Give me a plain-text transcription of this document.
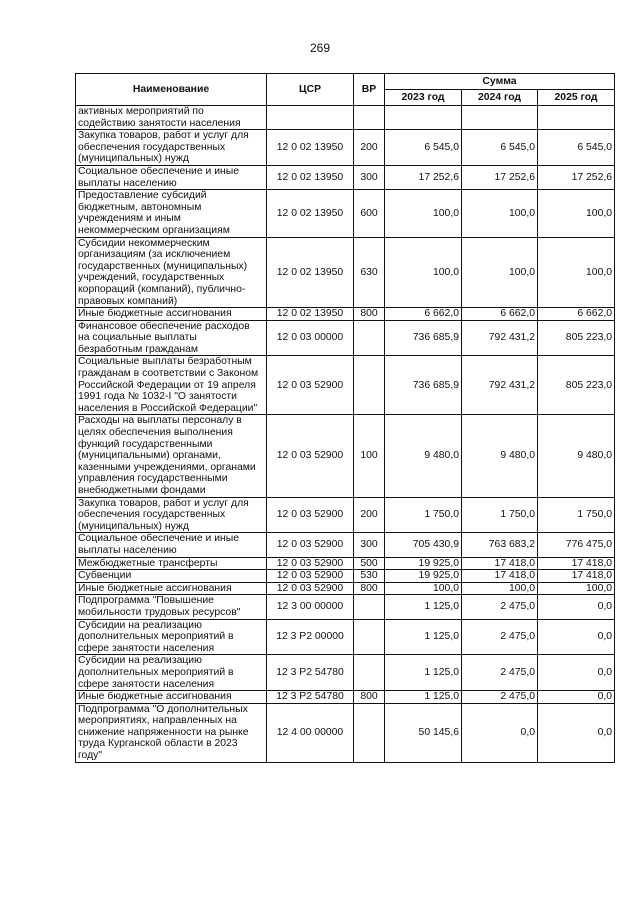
269
Наименование	ЦСР	ВР	Сумма		
			2023 год	2024 год	2025 год
активных мероприятий по содействию занятости населения					
Закупка товаров, работ и услуг для обеспечения государственных (муниципальных) нужд	12 0 02 13950	200	6 545,0	6 545,0	6 545,0
Социальное обеспечение и иные выплаты населению	12 0 02 13950	300	17 252,6	17 252,6	17 252,6
Предоставление субсидий бюджетным, автономным учреждениям и иным некоммерческим организациям	12 0 02 13950	600	100,0	100,0	100,0
Субсидии некоммерческим организациям (за исключением государственных (муниципальных) учреждений, государственных корпораций (компаний), публично-правовых компаний)	12 0 02 13950	630	100,0	100,0	100,0
Иные бюджетные ассигнования	12 0 02 13950	800	6 662,0	6 662,0	6 662,0
Финансовое обеспечение расходов на социальные выплаты безработным гражданам	12 0 03 00000		736 685,9	792 431,2	805 223,0
Социальные выплаты безработным гражданам в соответствии с Законом Российской Федерации от 19 апреля 1991 года № 1032-I "О занятости населения в Российской Федерации"	12 0 03 52900		736 685,9	792 431,2	805 223,0
Расходы на выплаты персоналу в целях обеспечения выполнения функций государственными (муниципальными) органами, казенными учреждениями, органами управления государственными внебюджетными фондами	12 0 03 52900	100	9 480,0	9 480,0	9 480,0
Закупка товаров, работ и услуг для обеспечения государственных (муниципальных) нужд	12 0 03 52900	200	1 750,0	1 750,0	1 750,0
Социальное обеспечение и иные выплаты населению	12 0 03 52900	300	705 430,9	763 683,2	776 475,0
Межбюджетные трансферты	12 0 03 52900	500	19 925,0	17 418,0	17 418,0
Субвенции	12 0 03 52900	530	19 925,0	17 418,0	17 418,0
Иные бюджетные ассигнования	12 0 03 52900	800	100,0	100,0	100,0
Подпрограмма "Повышение мобильности трудовых ресурсов"	12 3 00 00000		1 125,0	2 475,0	0,0
Субсидии на реализацию дополнительных мероприятий в сфере занятости населения	12 3 P2 00000		1 125,0	2 475,0	0,0
Субсидии на реализацию дополнительных мероприятий в сфере занятости населения	12 3 P2 54780		1 125,0	2 475,0	0,0
Иные бюджетные ассигнования	12 3 P2 54780	800	1 125,0	2 475,0	0,0
Подпрограмма "О дополнительных мероприятиях, направленных на снижение напряженности на рынке труда Курганской области в 2023 году"	12 4 00 00000		50 145,6	0,0	0,0
